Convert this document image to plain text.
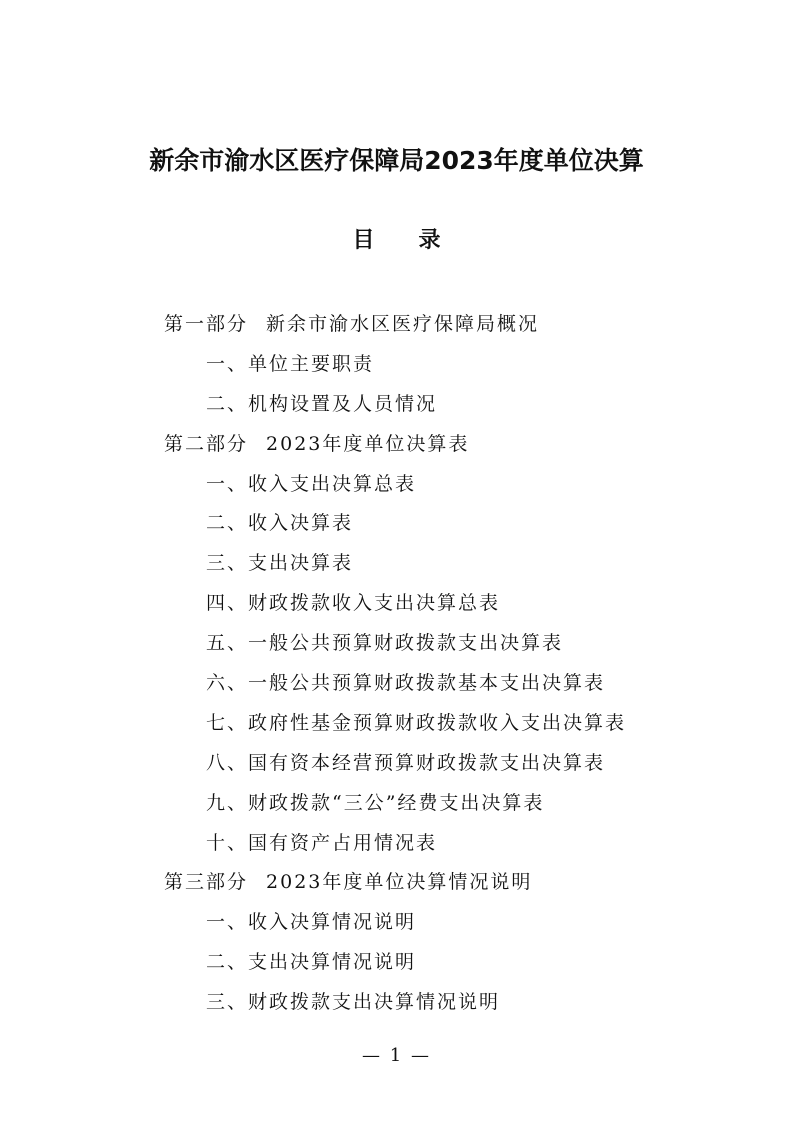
新余市渝水区医疗保障局2023年度单位决算
目录
第一部分 新余市渝水区医疗保障局概况
一、单位主要职责
二、机构设置及人员情况
第二部分 2023年度单位决算表
一、收入支出决算总表
二、收入决算表
三、支出决算表
四、财政拨款收入支出决算总表
五、一般公共预算财政拨款支出决算表
六、一般公共预算财政拨款基本支出决算表
七、政府性基金预算财政拨款收入支出决算表
八、国有资本经营预算财政拨款支出决算表
九、财政拨款“三公”经费支出决算表
十、国有资产占用情况表
第三部分 2023年度单位决算情况说明
一、收入决算情况说明
二、支出决算情况说明
三、财政拨款支出决算情况说明
— 1 —
